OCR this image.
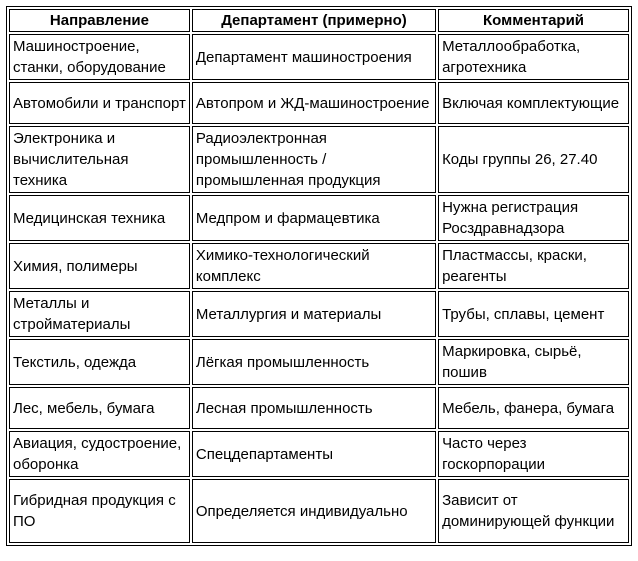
Направление	Департамент (примерно)	Комментарий
Машиностроение, станки, оборудование	Департамент машиностроения	Металлообработка, агротехника
Автомобили и транспорт	Автопром и ЖД-машиностроение	Включая комплектующие
Электроника и вычислительная техника	Радиоэлектронная промышленность / промышленная продукция	Коды группы 26, 27.40
Медицинская техника	Медпром и фармацевтика	Нужна регистрация Росздравнадзора
Химия, полимеры	Химико-технологический комплекс	Пластмассы, краски, реагенты
Металлы и стройматериалы	Металлургия и материалы	Трубы, сплавы, цемент
Текстиль, одежда	Лёгкая промышленность	Маркировка, сырьё, пошив
Лес, мебель, бумага	Лесная промышленность	Мебель, фанера, бумага
Авиация, судостроение, оборонка	Спецдепартаменты	Часто через госкорпорации
Гибридная продукция с ПО	Определяется индивидуально	Зависит от доминирующей функции
